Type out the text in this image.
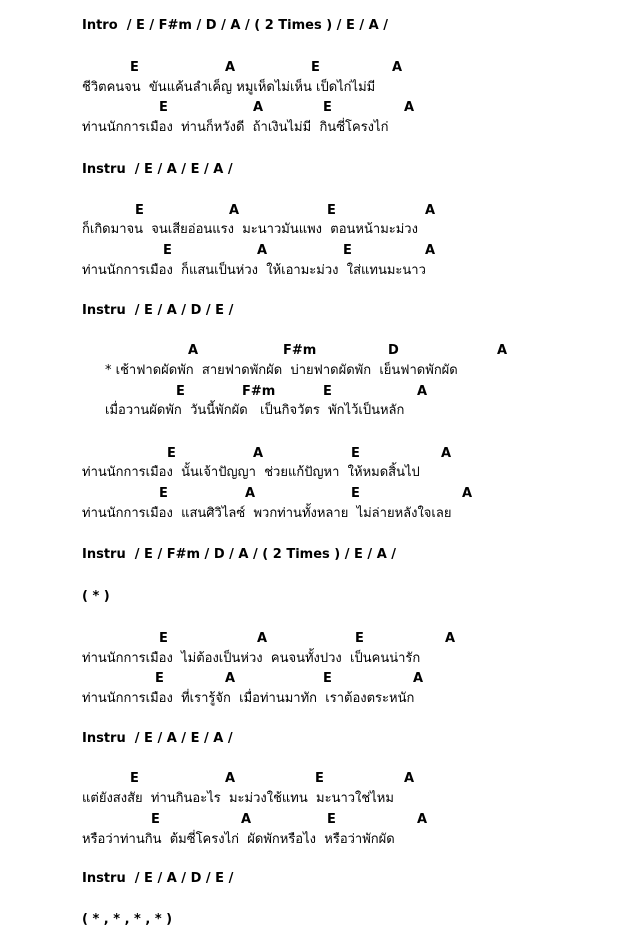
Intro  / E / F#m / D / A / ( 2 Times ) / E / A /
E	A	E	A
ชีวิตคนจน  ขันแค้นลำเค็ญ หมูเห็ดไม่เห็น เป็ดไก่ไม่มี
E	A	E	A
ท่านนักการเมือง  ท่านก็หวังดี  ถ้าเงินไม่มี  กินซี่โครงไก่
Instru  / E / A / E / A /
E	A	E	A
ก็เกิดมาจน  จนเสียอ่อนแรง  มะนาวมันแพง  ตอนหน้ามะม่วง
E	A	E	A
ท่านนักการเมือง  ก็แสนเป็นห่วง  ให้เอามะม่วง  ใส่แทนมะนาว
Instru  / E / A / D / E /
A	F#m	D	A
* เช้าฟาดผัดพัก  สายฟาดพักผัด  บ่ายฟาดผัดพัก  เย็นฟาดพักผัด
E	F#m	E	A
เมื่อวานผัดพัก  วันนี้พักผัด   เป็นกิจวัตร  พักไว้เป็นหลัก
E	A	E	A
ท่านนักการเมือง  นั้นเจ้าปัญญา  ช่วยแก้ปัญหา  ให้หมดสิ้นไป
E	A	E	A
ท่านนักการเมือง  แสนศิวิไลซ์  พวกท่านทั้งหลาย  ไม่ล่ายหลังใจเลย
Instru  / E / F#m / D / A / ( 2 Times ) / E / A /
( * )
E	A	E	A
ท่านนักการเมือง  ไม่ต้องเป็นห่วง  คนจนทั้งปวง  เป็นคนน่ารัก
E	A	E	A
ท่านนักการเมือง  ที่เรารู้จัก  เมื่อท่านมาทัก  เราต้องตระหนัก
Instru  / E / A / E / A /
E	A	E	A
แต่ยังสงสัย  ท่านกินอะไร  มะม่วงใช้แทน  มะนาวใช่ไหม
E	A	E	A
หรือว่าท่านกิน  ต้มซี่โครงไก่  ผัดพักหรือไง  หรือว่าพักผัด
Instru  / E / A / D / E /
( * , * , * , * )
